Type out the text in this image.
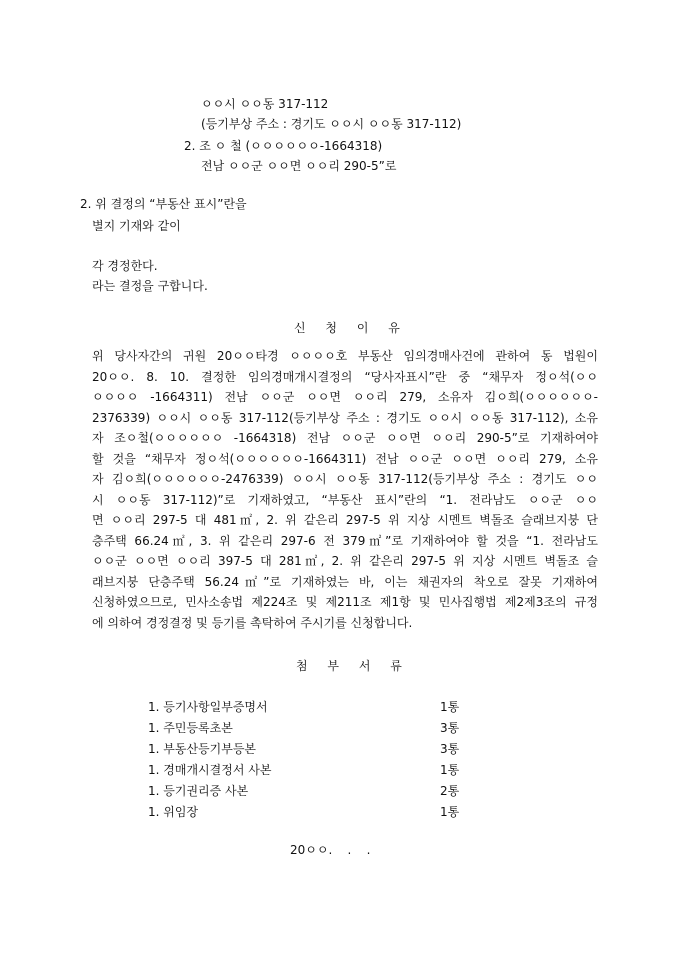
ㅇㅇ시 ㅇㅇ동 317-112

(등기부상 주소 : 경기도 ㅇㅇ시 ㅇㅇ동 317-112)

2. 조 ㅇ 철 (ㅇㅇㅇㅇㅇㅇ-1664318)

전남 ㅇㅇ군 ㅇㅇ면 ㅇㅇ리 290-5”로

2. 위 결정의 “부동산 표시”란을

별지 기재와 같이

각 경정한다.

라는 결정을 구합니다.

신 청 이 유

위 당사자간의 귀원 20ㅇㅇ타경 ㅇㅇㅇㅇ호 부동산 임의경매사건에 관하여 동 법원이
20ㅇㅇ. 8. 10. 결정한 임의경매개시결정의 “당사자표시”란 중 “채무자 정ㅇ석(ㅇㅇ
ㅇㅇㅇㅇ -1664311) 전남 ㅇㅇ군 ㅇㅇ면 ㅇㅇ리 279, 소유자 김ㅇ희(ㅇㅇㅇㅇㅇㅇ-
2376339) ㅇㅇ시 ㅇㅇ동 317-112(등기부상 주소 : 경기도 ㅇㅇ시 ㅇㅇ동 317-112), 소유
자 조ㅇ철(ㅇㅇㅇㅇㅇㅇ -1664318) 전남 ㅇㅇ군 ㅇㅇ면 ㅇㅇ리 290-5”로 기재하여야
할 것을 “채무자 정ㅇ석(ㅇㅇㅇㅇㅇㅇ-1664311) 전남 ㅇㅇ군 ㅇㅇ면 ㅇㅇ리 279, 소유
자 김ㅇ희(ㅇㅇㅇㅇㅇㅇ-2476339) ㅇㅇ시 ㅇㅇ동 317-112(등기부상 주소 : 경기도 ㅇㅇ
시 ㅇㅇ동 317-112)”로 기재하였고, “부동산 표시”란의 “1. 전라남도 ㅇㅇ군 ㅇㅇ
면 ㅇㅇ리 297-5 대 481㎡, 2. 위 같은리 297-5 위 지상 시멘트 벽돌조 슬래브지붕 단
층주택 66.24㎡, 3. 위 같은리 297-6 전 379㎡”로 기재하여야 할 것을 “1. 전라남도
ㅇㅇ군 ㅇㅇ면 ㅇㅇ리 397-5 대 281㎡, 2. 위 같은리 297-5 위 지상 시멘트 벽돌조 슬
래브지붕 단층주택 56.24㎡”로 기재하였는 바, 이는 채권자의 착오로 잘못 기재하여
신청하였으므로, 민사소송법 제224조 및 제211조 제1항 및 민사집행법 제2제3조의 규정
에 의하여 경정결정 및 등기를 촉탁하여 주시기를 신청합니다.

첨 부 서 류

1. 등기사항일부증명서	1통
1. 주민등록초본	3통
1. 부동산등기부등본	3통
1. 경매개시결정서 사본	1통
1. 등기권리증 사본	2통
1. 위임장	1통

20ㅇㅇ.    .    .
